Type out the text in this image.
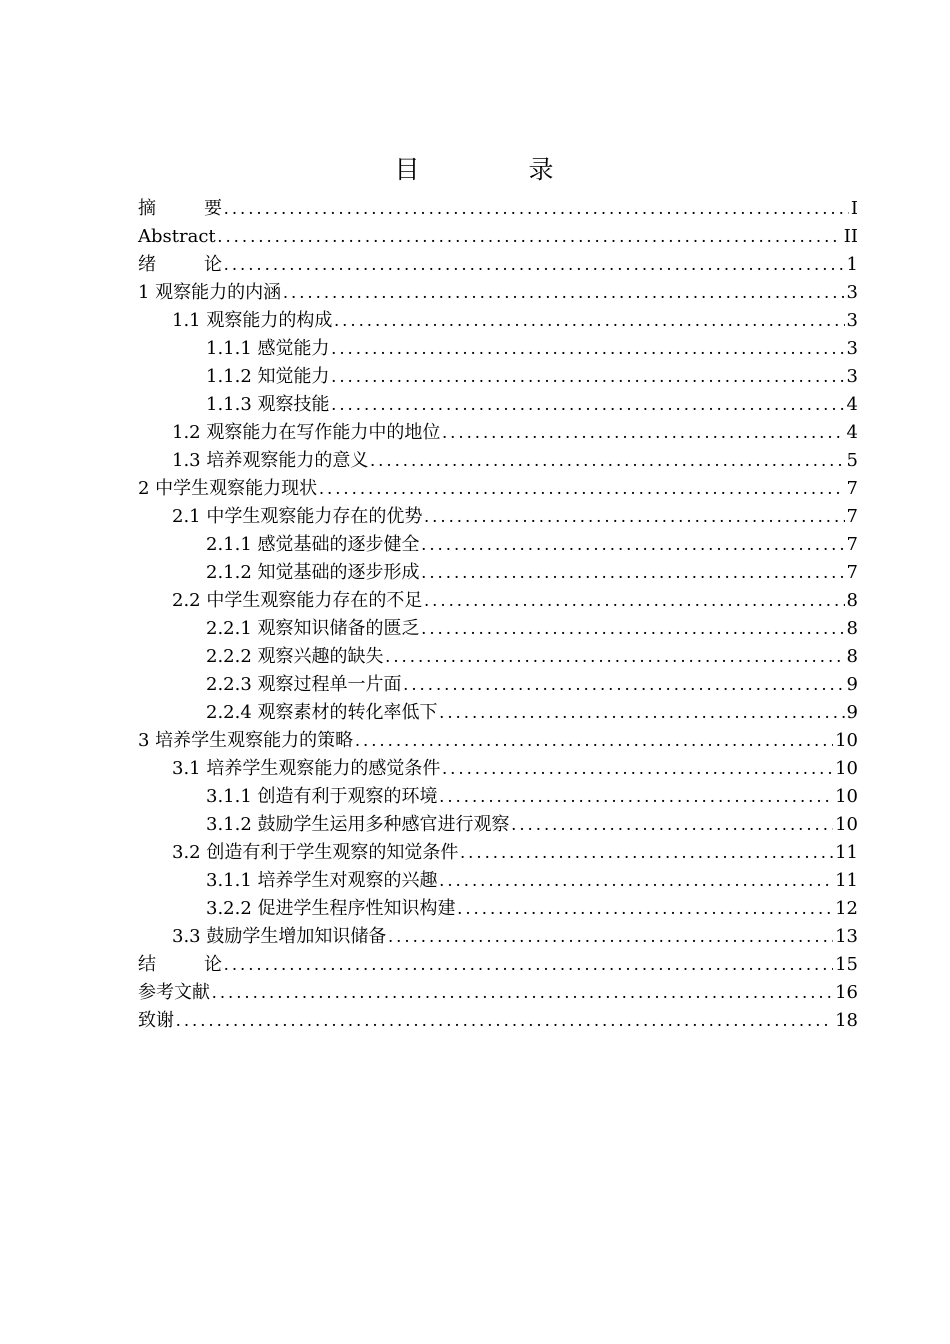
目　录
摘要 . . .	I
Abstract . . .	II
绪论 . . .	1
1 观察能力的内涵 . . .	3
1.1 观察能力的构成 . . .	3
1.1.1 感觉能力 . . .	3
1.1.2 知觉能力 . . .	3
1.1.3 观察技能 . . .	4
1.2 观察能力在写作能力中的地位 . . .	4
1.3 培养观察能力的意义 . . .	5
2 中学生观察能力现状 . . .	7
2.1 中学生观察能力存在的优势 . . .	7
2.1.1 感觉基础的逐步健全 . . .	7
2.1.2 知觉基础的逐步形成 . . .	7
2.2 中学生观察能力存在的不足 . . .	8
2.2.1 观察知识储备的匮乏 . . .	8
2.2.2 观察兴趣的缺失 . . .	8
2.2.3 观察过程单一片面 . . .	9
2.2.4 观察素材的转化率低下 . . .	9
3 培养学生观察能力的策略 . . .	10
3.1 培养学生观察能力的感觉条件 . . .	10
3.1.1 创造有利于观察的环境 . . .	10
3.1.2 鼓励学生运用多种感官进行观察 . . .	10
3.2 创造有利于学生观察的知觉条件 . . .	11
3.1.1 培养学生对观察的兴趣 . . .	11
3.2.2 促进学生程序性知识构建 . . .	12
3.3 鼓励学生增加知识储备 . . .	13
结论 . . .	15
参考文献 . . .	16
致谢 . . .	18
